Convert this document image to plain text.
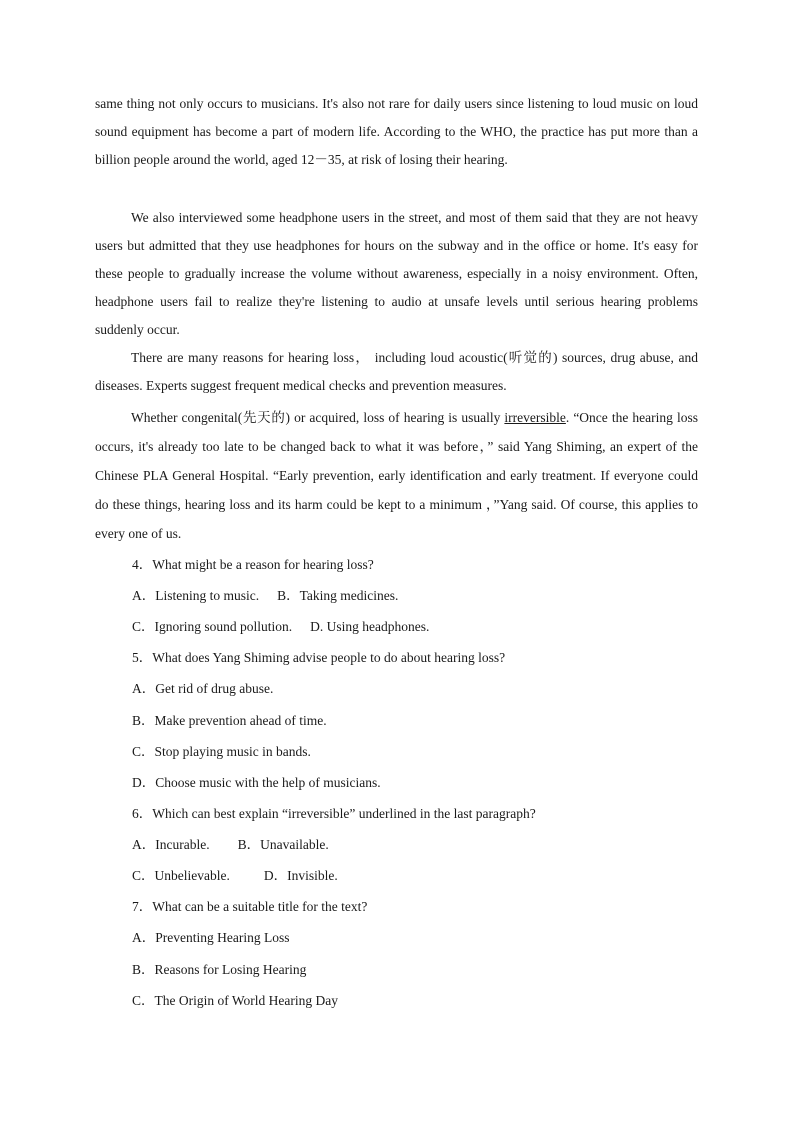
same thing not only occurs to musicians. It's also not rare for daily users since listening to loud music on loud sound equipment has become a part of modern life. According to the WHO, the practice has put more than a billion people around the world, aged 12－35, at risk of losing their hearing.

We also interviewed some headphone users in the street, and most of them said that they are not heavy users but admitted that they use headphones for hours on the subway and in the office or home. It's easy for these people to gradually increase the volume without awareness, especially in a noisy environment. Often, headphone users fail to realize they're listening to audio at unsafe levels until serious hearing problems suddenly occur.

There are many reasons for hearing loss， including loud acoustic(听觉的) sources, drug abuse, and diseases. Experts suggest frequent medical checks and prevention measures.

Whether congenital(先天的) or acquired, loss of hearing is usually irreversible. “Once the hearing loss occurs, it's already too late to be changed back to what it was before，” said Yang Shiming, an expert of the Chinese PLA General Hospital. “Early prevention, early identification and early treatment. If everyone could do these things, hearing loss and its harm could be kept to a minimum ，”Yang said. Of course, this applies to every one of us.

4．What might be a reason for hearing loss?

A．Listening to music. B．Taking medicines.

C．Ignoring sound pollution. D. Using headphones.

5．What does Yang Shiming advise people to do about hearing loss?

A．Get rid of drug abuse.

B．Make prevention ahead of time.

C．Stop playing music in bands.

D．Choose music with the help of musicians.

6．Which can best explain “irreversible” underlined in the last paragraph?

A．Incurable. B．Unavailable.

C．Unbelievable.	D．Invisible.

7．What can be a suitable title for the text?

A．Preventing Hearing Loss

B．Reasons for Losing Hearing

C．The Origin of World Hearing Day
